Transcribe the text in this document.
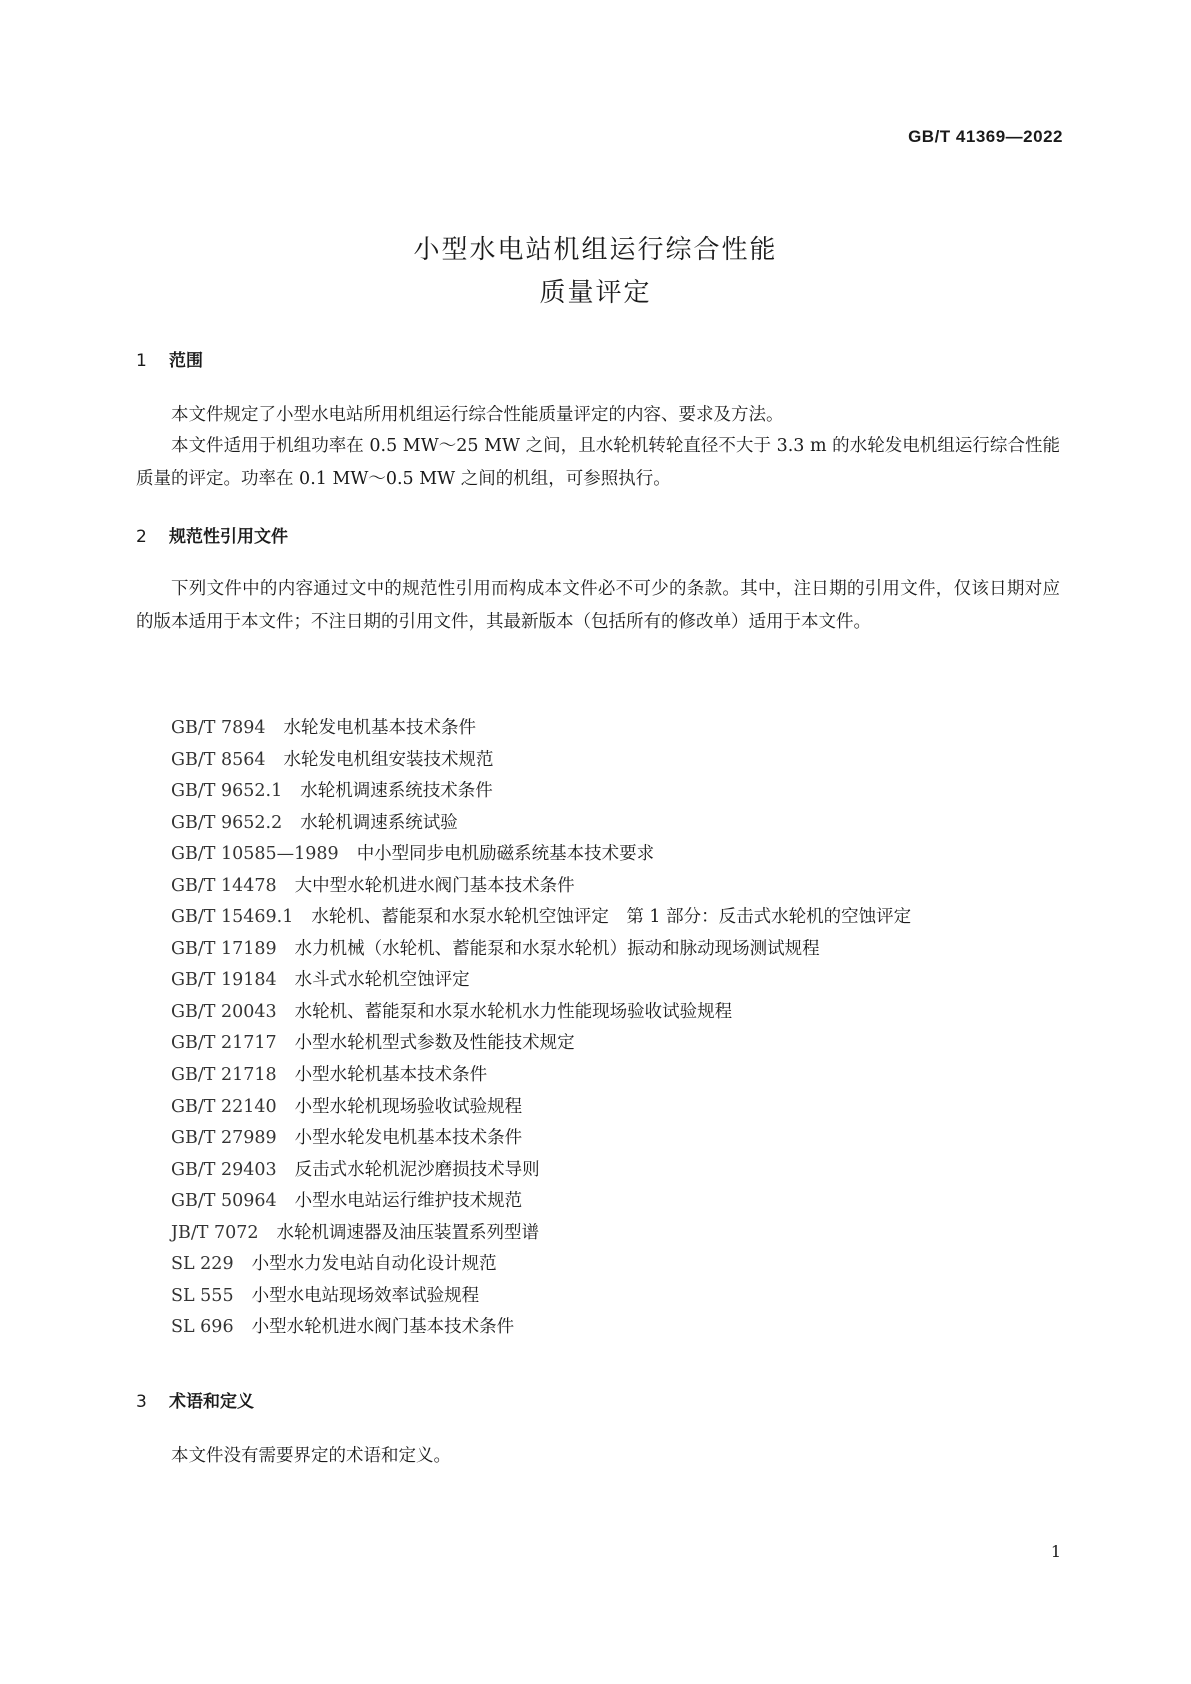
GB/T 41369—2022
小型水电站机组运行综合性能
质量评定
1 范围

本文件规定了小型水电站所用机组运行综合性能质量评定的内容、要求及方法。

本文件适用于机组功率在 0.5 MW～25 MW 之间，且水轮机转轮直径不大于 3.3 m 的水轮发电机组运行综合性能质量的评定。功率在 0.1 MW～0.5 MW 之间的机组，可参照执行。

2 规范性引用文件

下列文件中的内容通过文中的规范性引用而构成本文件必不可少的条款。其中，注日期的引用文件，仅该日期对应的版本适用于本文件；不注日期的引用文件，其最新版本（包括所有的修改单）适用于本文件。

GB/T 7894 水轮发电机基本技术条件
GB/T 8564 水轮发电机组安装技术规范
GB/T 9652.1 水轮机调速系统技术条件
GB/T 9652.2 水轮机调速系统试验
GB/T 10585—1989 中小型同步电机励磁系统基本技术要求
GB/T 14478 大中型水轮机进水阀门基本技术条件
GB/T 15469.1 水轮机、蓄能泵和水泵水轮机空蚀评定　第 1 部分：反击式水轮机的空蚀评定
GB/T 17189 水力机械（水轮机、蓄能泵和水泵水轮机）振动和脉动现场测试规程
GB/T 19184 水斗式水轮机空蚀评定
GB/T 20043 水轮机、蓄能泵和水泵水轮机水力性能现场验收试验规程
GB/T 21717 小型水轮机型式参数及性能技术规定
GB/T 21718 小型水轮机基本技术条件
GB/T 22140 小型水轮机现场验收试验规程
GB/T 27989 小型水轮发电机基本技术条件
GB/T 29403 反击式水轮机泥沙磨损技术导则
GB/T 50964 小型水电站运行维护技术规范
JB/T 7072 水轮机调速器及油压装置系列型谱
SL 229 小型水力发电站自动化设计规范
SL 555 小型水电站现场效率试验规程
SL 696 小型水轮机进水阀门基本技术条件
3 术语和定义

本文件没有需要界定的术语和定义。

1
